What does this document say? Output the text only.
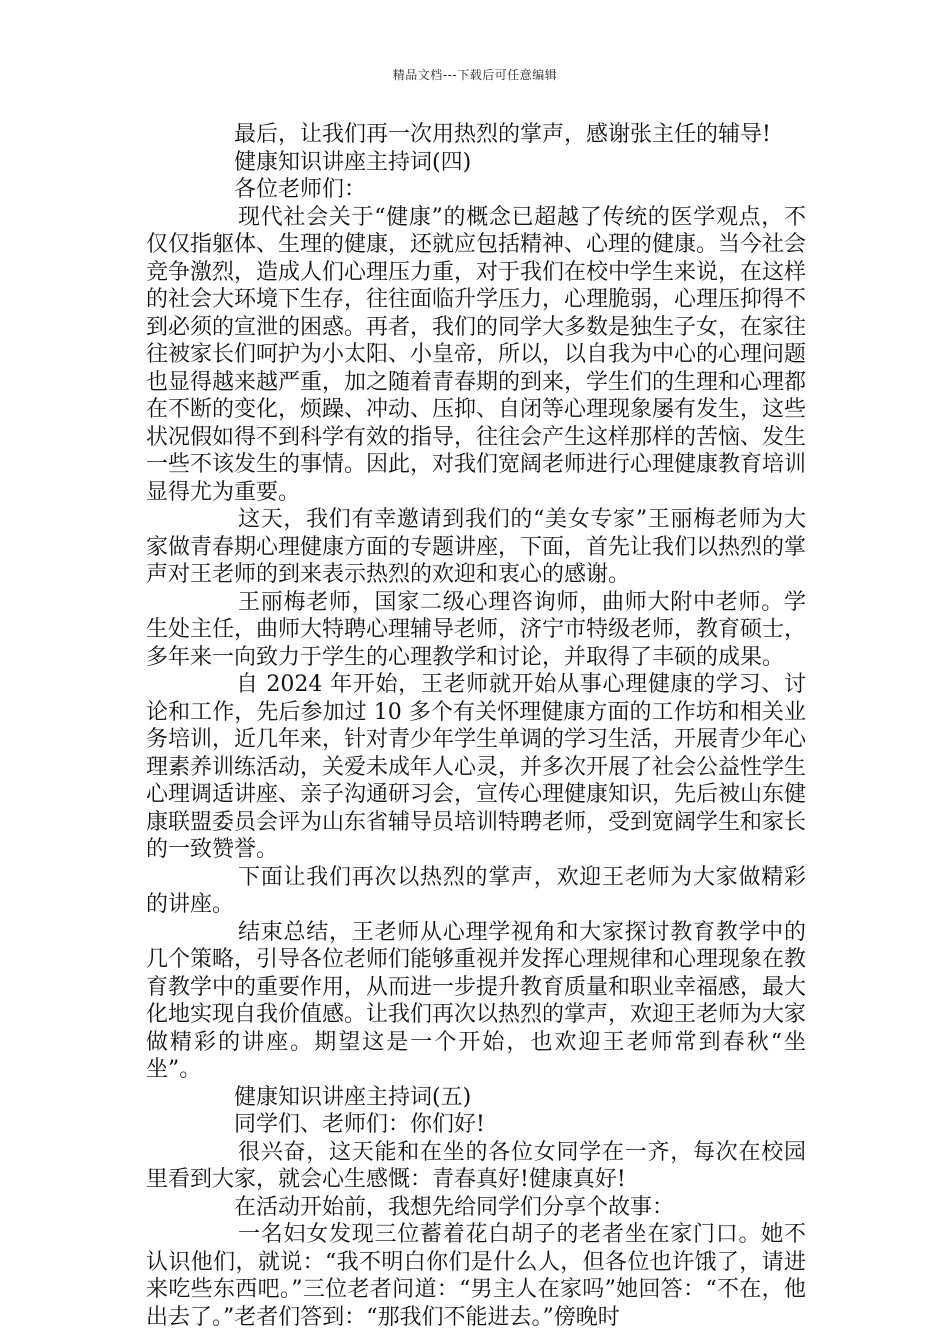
精品文档---下载后可任意编辑

最后，让我们再一次用热烈的掌声，感谢张主任的辅导!

健康知识讲座主持词(四)

各位老师们：

现代社会关于“健康”的概念已超越了传统的医学观点，不仅仅指躯体、生理的健康，还就应包括精神、心理的健康。当今社会竞争激烈，造成人们心理压力重，对于我们在校中学生来说，在这样的社会大环境下生存，往往面临升学压力，心理脆弱，心理压抑得不到必须的宣泄的困惑。再者，我们的同学大多数是独生子女，在家往往被家长们呵护为小太阳、小皇帝，所以，以自我为中心的心理问题也显得越来越严重，加之随着青春期的到来，学生们的生理和心理都在不断的变化，烦躁、冲动、压抑、自闭等心理现象屡有发生，这些状况假如得不到科学有效的指导，往往会产生这样那样的苦恼、发生一些不该发生的事情。因此，对我们宽阔老师进行心理健康教育培训显得尤为重要。

这天，我们有幸邀请到我们的“美女专家”王丽梅老师为大家做青春期心理健康方面的专题讲座，下面，首先让我们以热烈的掌声对王老师的到来表示热烈的欢迎和衷心的感谢。

王丽梅老师，国家二级心理咨询师，曲师大附中老师。学生处主任，曲师大特聘心理辅导老师，济宁市特级老师，教育硕士，多年来一向致力于学生的心理教学和讨论，并取得了丰硕的成果。

自 2024 年开始，王老师就开始从事心理健康的学习、讨论和工作，先后参加过 10 多个有关怀理健康方面的工作坊和相关业务培训，近几年来，针对青少年学生单调的学习生活，开展青少年心理素养训练活动，关爱未成年人心灵，并多次开展了社会公益性学生心理调适讲座、亲子沟通研习会，宣传心理健康知识，先后被山东健康联盟委员会评为山东省辅导员培训特聘老师，受到宽阔学生和家长的一致赞誉。

下面让我们再次以热烈的掌声，欢迎王老师为大家做精彩的讲座。

结束总结，王老师从心理学视角和大家探讨教育教学中的几个策略，引导各位老师们能够重视并发挥心理规律和心理现象在教育教学中的重要作用，从而进一步提升教育质量和职业幸福感，最大化地实现自我价值感。让我们再次以热烈的掌声，欢迎王老师为大家做精彩的讲座。期望这是一个开始，也欢迎王老师常到春秋“坐坐”。

健康知识讲座主持词(五)

同学们、老师们：你们好!

很兴奋，这天能和在坐的各位女同学在一齐，每次在校园里看到大家，就会心生感慨：青春真好!健康真好!

在活动开始前，我想先给同学们分享个故事：

一名妇女发现三位蓄着花白胡子的老者坐在家门口。她不认识他们，就说：“我不明白你们是什么人，但各位也许饿了，请进来吃些东西吧。”三位老者问道：“男主人在家吗”她回答：“不在，他出去了。”老者们答到：“那我们不能进去。”傍晚时
